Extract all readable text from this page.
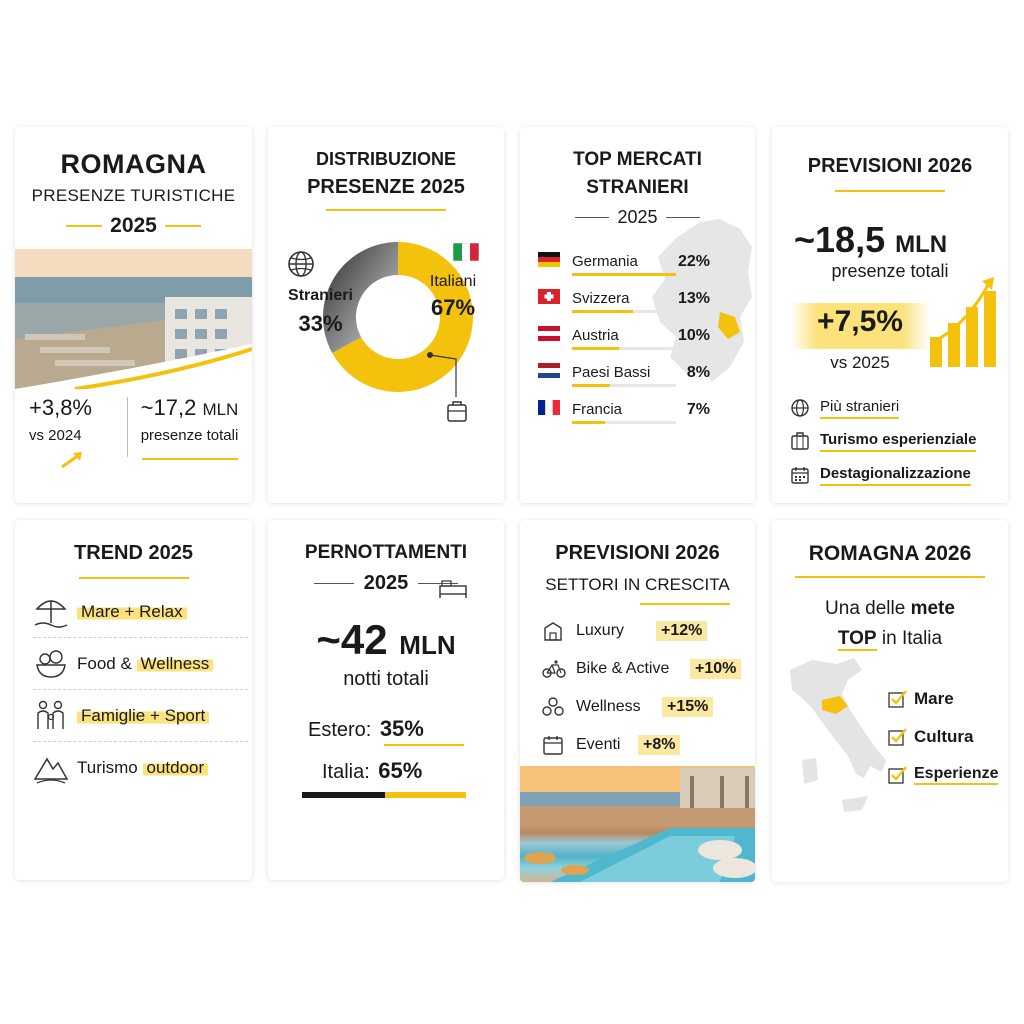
ROMAGNA
PRESENZE TURISTICHE
2025
+3,8%
vs 2024
~17,2 MLN
presenze totali
DISTRIBUZIONE
PRESENZE 2025
Stranieri
33%
Italiani
67%
TOP MERCATI
STRANIERI
2025
Germania	22%
Svizzera	13%
Austria	10%
Paesi Bassi	8%
Francia	7%
PREVISIONI 2026
~18,5 MLN
presenze totali
+7,5%
vs 2025
Più stranieri
Turismo esperienziale
Destagionalizzazione
TREND 2025
Mare + Relax
Food & Wellness
Famiglie + Sport
Turismo outdoor
PERNOTTAMENTI
2025
~42 MLN
notti totali
Estero: 35%
Italia: 65%
PREVISIONI 2026
SETTORI IN CRESCITA
Luxury	+12%
Bike & Active	+10%
Wellness	+15%
Eventi	+8%
ROMAGNA 2026
Una delle mete
TOP in Italia
Mare
Cultura
Esperienze
